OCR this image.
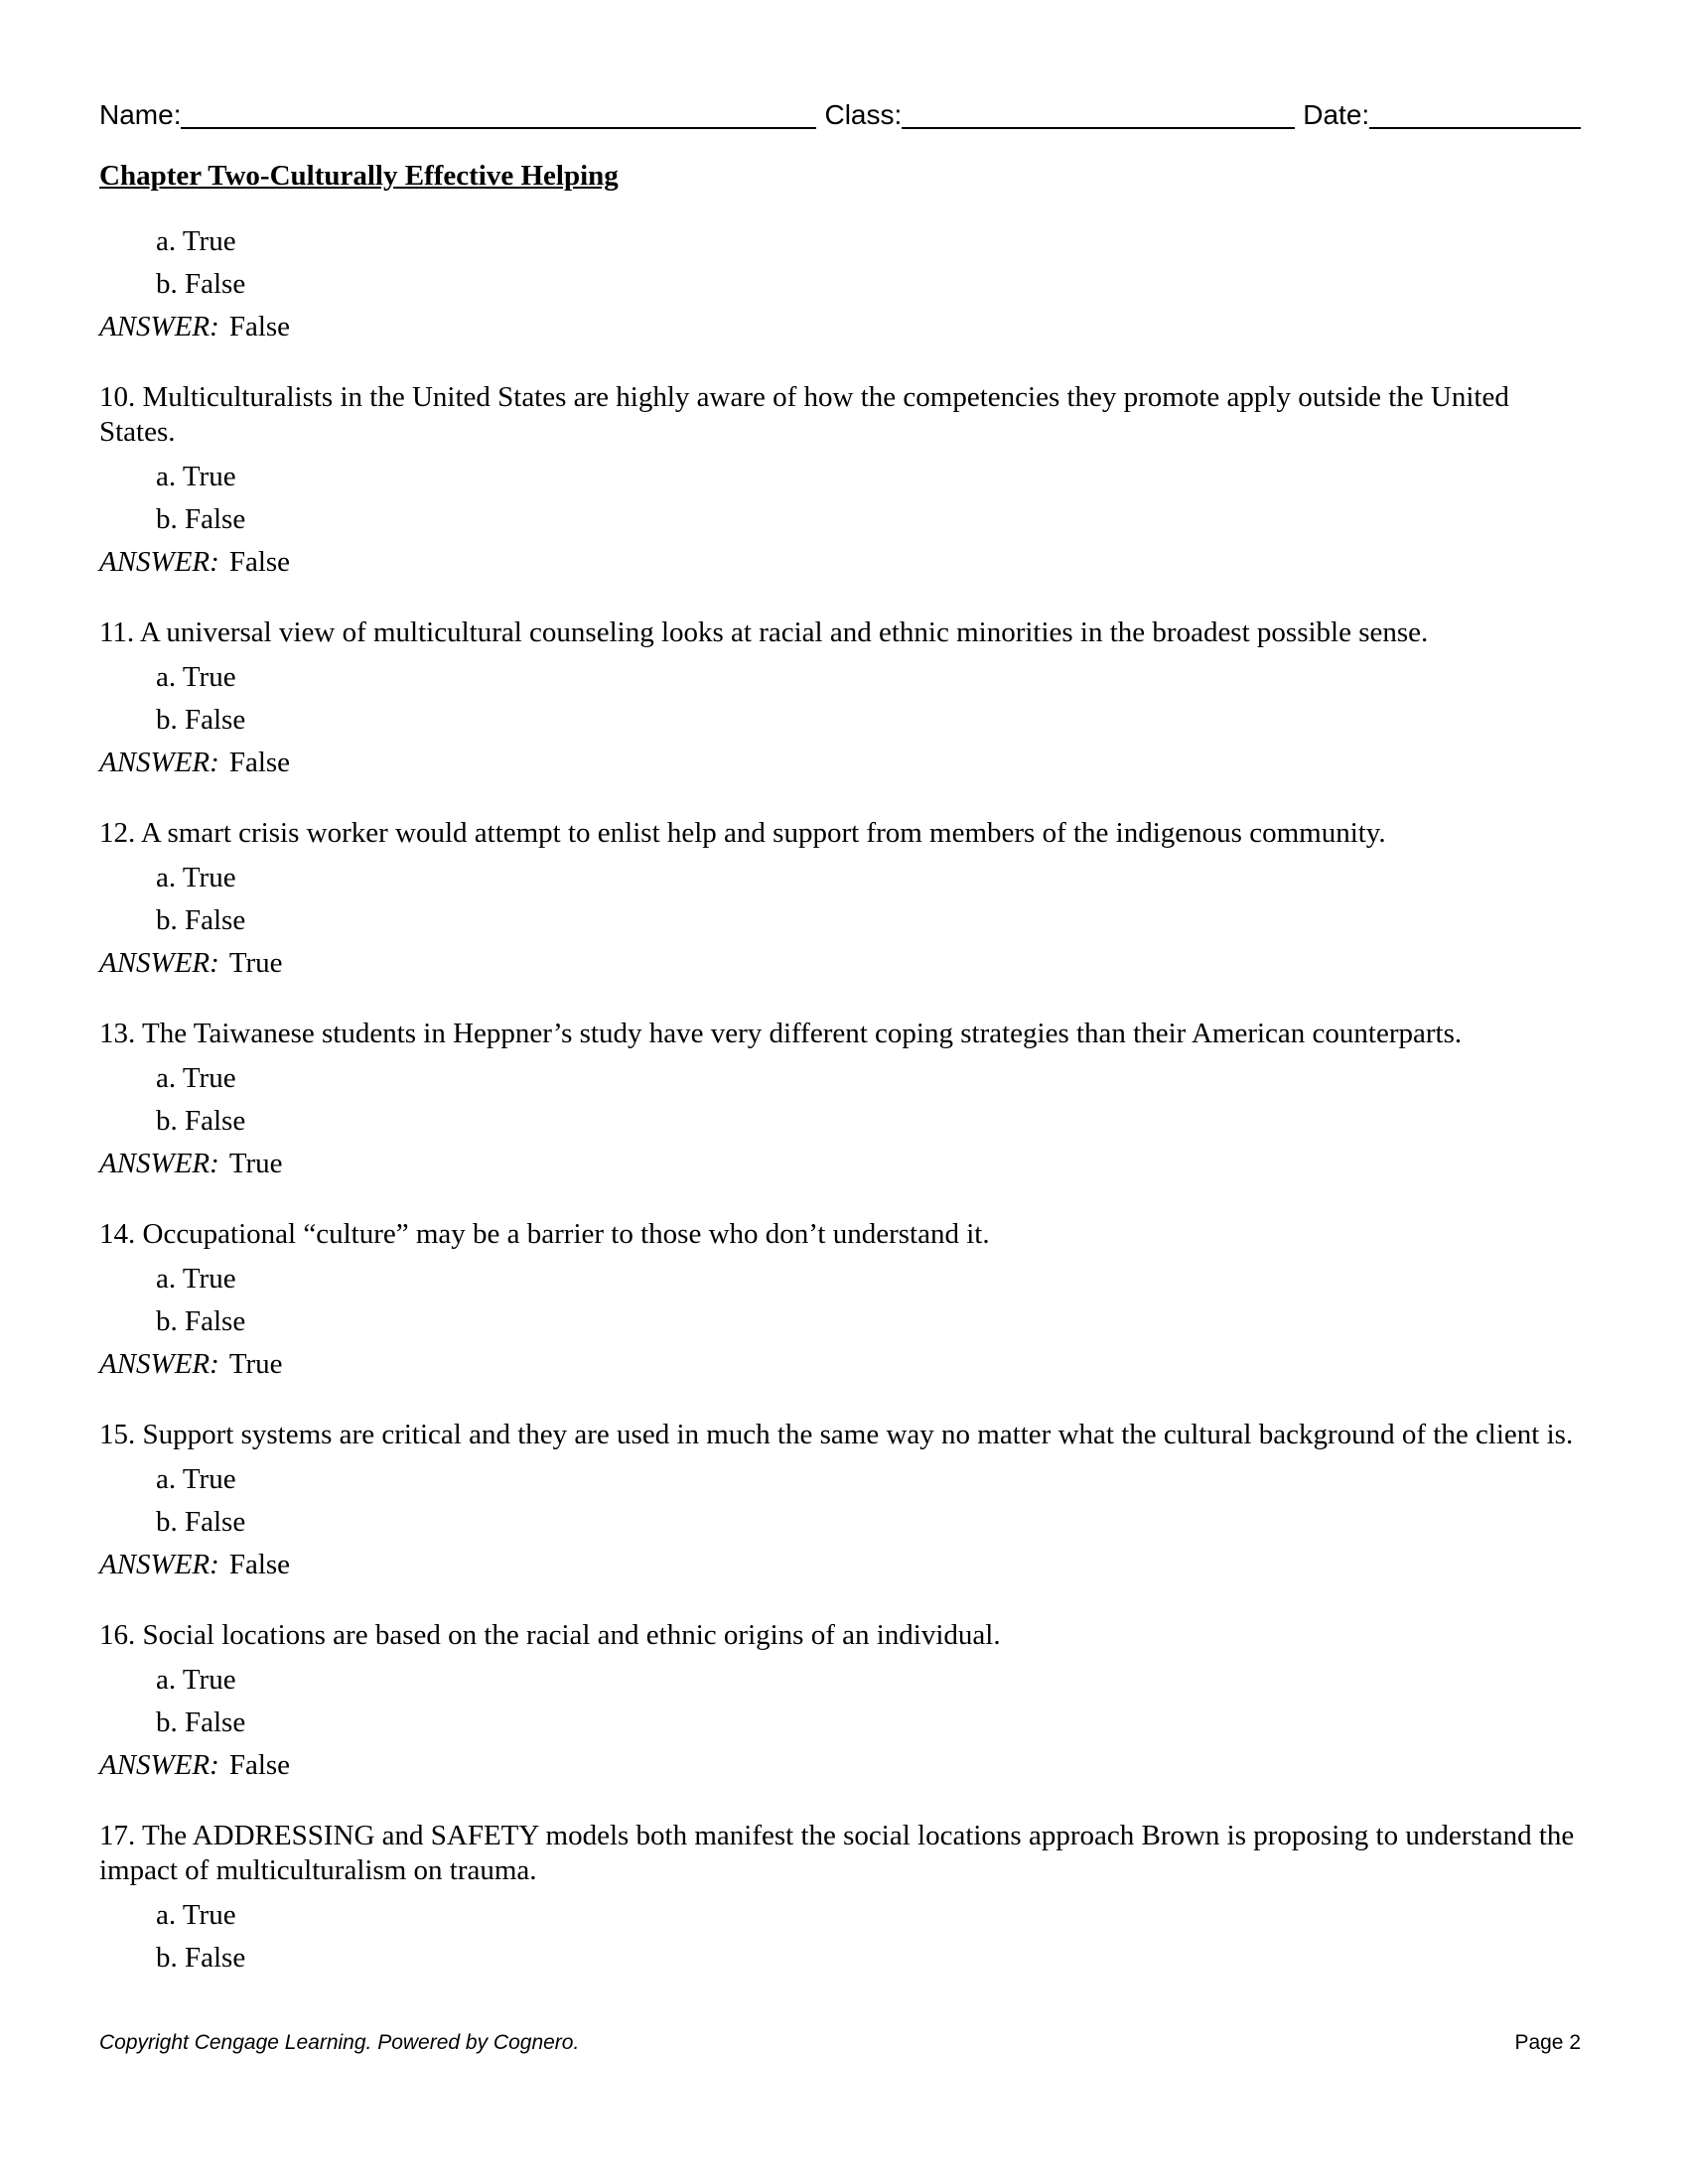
Name:	Class:	Date:
Chapter Two-Culturally Effective Helping
a. True
b. False
ANSWER: False
10. Multiculturalists in the United States are highly aware of how the competencies they promote apply outside the United States.
a. True
b. False
ANSWER: False
11. A universal view of multicultural counseling looks at racial and ethnic minorities in the broadest possible sense.
a. True
b. False
ANSWER: False
12. A smart crisis worker would attempt to enlist help and support from members of the indigenous community.
a. True
b. False
ANSWER: True
13. The Taiwanese students in Heppner’s study have very different coping strategies than their American counterparts.
a. True
b. False
ANSWER: True
14. Occupational “culture” may be a barrier to those who don’t understand it.
a. True
b. False
ANSWER: True
15. Support systems are critical and they are used in much the same way no matter what the cultural background of the client is.
a. True
b. False
ANSWER: False
16. Social locations are based on the racial and ethnic origins of an individual.
a. True
b. False
ANSWER: False
17. The ADDRESSING and SAFETY models both manifest the social locations approach Brown is proposing to understand the impact of multiculturalism on trauma.
a. True
b. False
Copyright Cengage Learning. Powered by Cognero.	Page 2
